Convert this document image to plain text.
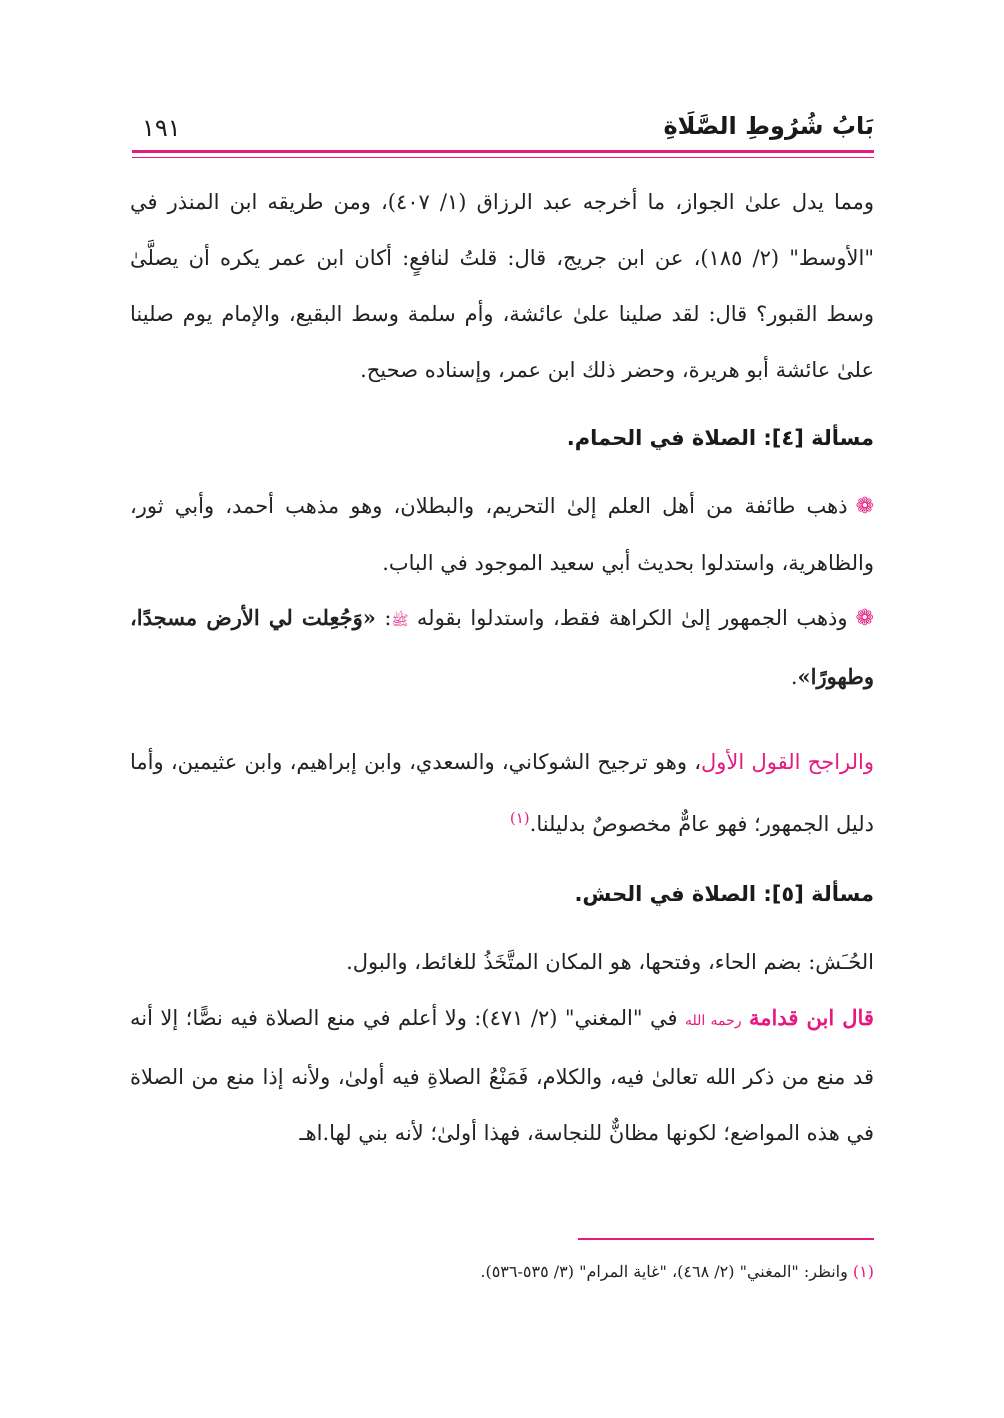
بَابُ شُرُوطِ الصَّلَاةِ
١٩١
ومما يدل علىٰ الجواز، ما أخرجه عبد الرزاق (١/ ٤٠٧)، ومن طريقه ابن المنذر في "الأوسط" (٢/ ١٨٥)، عن ابن جريج، قال: قلتُ لنافعٍ: أكان ابن عمر يكره أن يصلَّىٰ وسط القبور؟ قال: لقد صلينا علىٰ عائشة، وأم سلمة وسط البقيع، والإمام يوم صلينا علىٰ عائشة أبو هريرة، وحضر ذلك ابن عمر، وإسناده صحيح.
مسألة [٤]: الصلاة في الحمام.
❁ذهب طائفة من أهل العلم إلىٰ التحريم، والبطلان، وهو مذهب أحمد، وأبي ثور، والظاهرية، واستدلوا بحديث أبي سعيد الموجود في الباب.
❁وذهب الجمهور إلىٰ الكراهة فقط، واستدلوا بقوله ﷺ: «وَجُعِلت لي الأرض مسجدًا، وطهورًا».
والراجح القول الأول، وهو ترجيح الشوكاني، والسعدي، وابن إبراهيم، وابن عثيمين، وأما دليل الجمهور؛ فهو عامٌّ مخصوصٌ بدليلنا.$^{(١)}$
مسألة [٥]: الصلاة في الحش.
الحُـَش: بضم الحاء، وفتحها، هو المكان المتَّخَذُ للغائط، والبول.
قال ابن قدامة رحمه الله في "المغني" (٢/ ٤٧١): ولا أعلم في منع الصلاة فيه نصًّا؛ إلا أنه قد منع من ذكر الله تعالىٰ فيه، والكلام، فَمَنْعُ الصلاةِ فيه أولىٰ، ولأنه إذا منع من الصلاة في هذه المواضع؛ لكونها مظانٌّ للنجاسة، فهذا أولىٰ؛ لأنه بني لها.اهـ
(١) وانظر: "المغني" (٢/ ٤٦٨)، "غاية المرام" (٣/ ٥٣٥-٥٣٦).
